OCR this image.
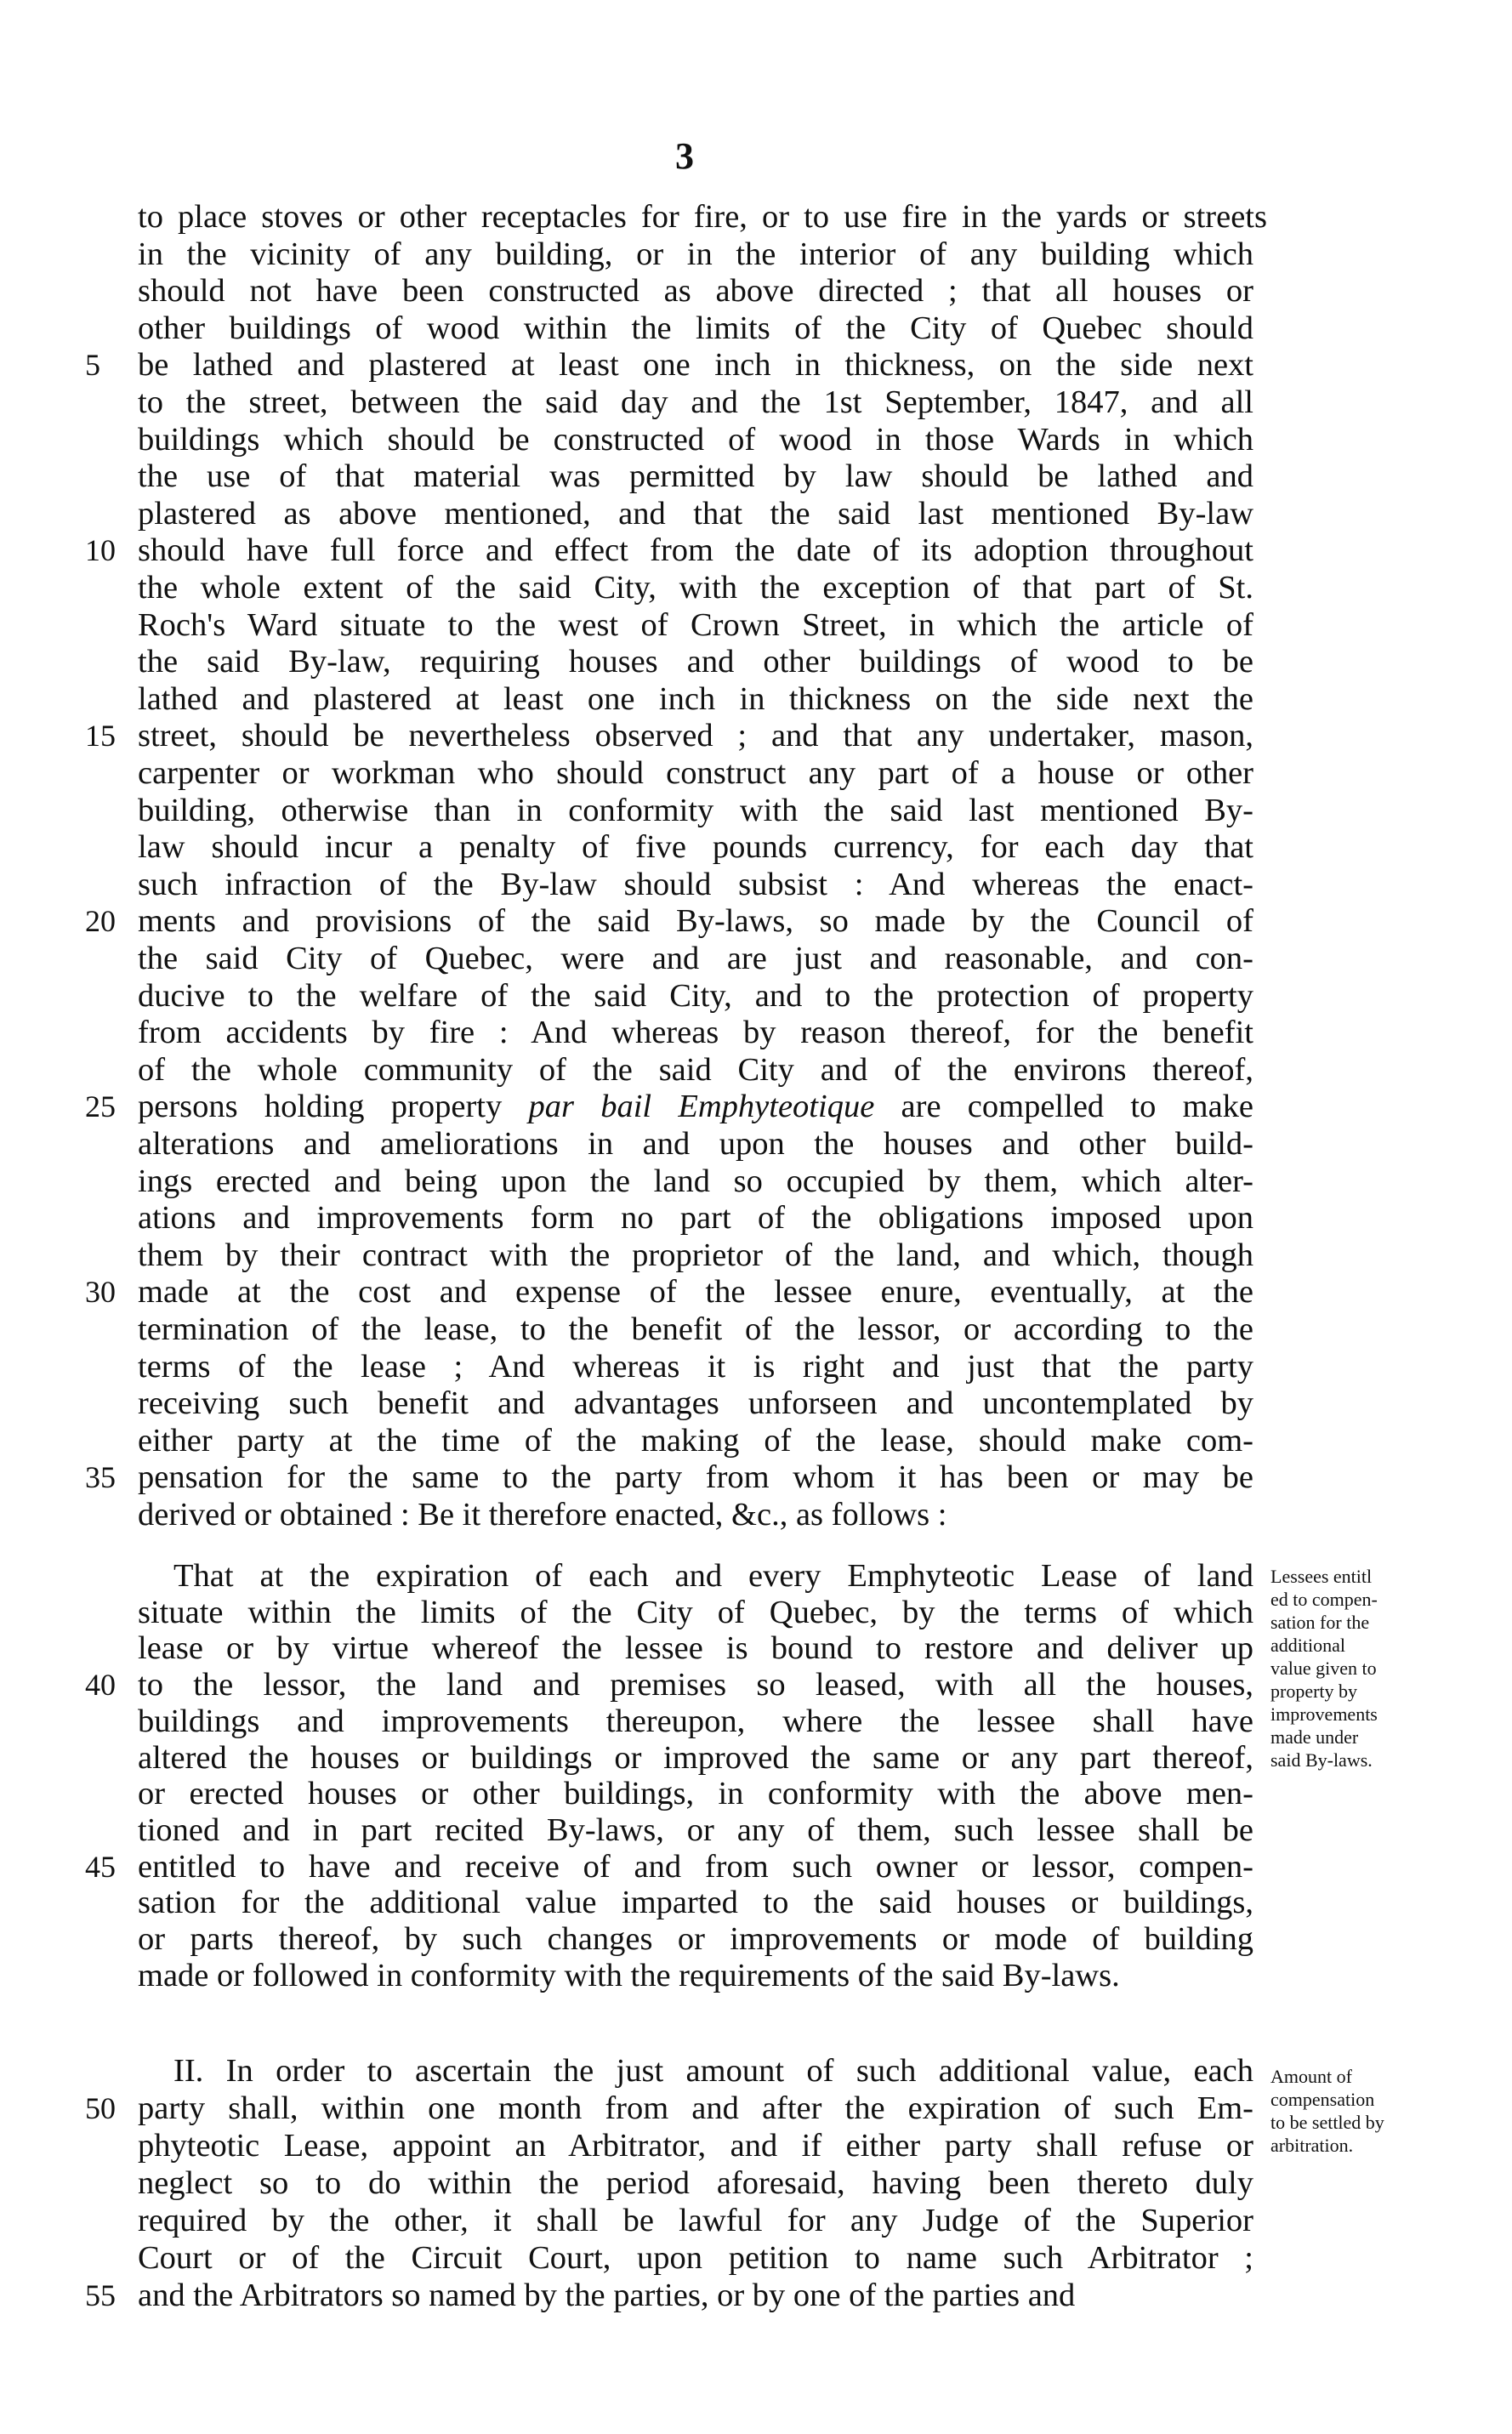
3
to place stoves or other receptacles for fire, or to use fire in the yards or streets
in the vicinity of any building, or in the interior of any building which
should not have been constructed as above directed ; that all houses or
other buildings of wood within the limits of the City of Quebec should
5	be lathed and plastered at least one inch in thickness, on the side next
to the street, between the said day and the 1st September, 1847, and all
buildings which should be constructed of wood in those Wards in which
the use of that material was permitted by law should be lathed and
plastered as above mentioned, and that the said last mentioned By-law
10 should have full force and effect from the date of its adoption throughout
the whole extent of the said City, with the exception of that part of St.
Roch's Ward situate to the west of Crown Street, in which the article of
the said By-law, requiring houses and other buildings of wood to be
lathed and plastered at least one inch in thickness on the side next the
15 street, should be nevertheless observed ; and that any undertaker, mason,
carpenter or workman who should construct any part of a house or other
building, otherwise than in conformity with the said last mentioned By-
law should incur a penalty of five pounds currency, for each day that
such infraction of the By-law should subsist : And whereas the enact-
20 ments and provisions of the said By-laws, so made by the Council of
the said City of Quebec, were and are just and reasonable, and con-
ducive to the welfare of the said City, and to the protection of property
from accidents by fire : And whereas by reason thereof, for the benefit
of the whole community of the said City and of the environs thereof,
25 persons holding property par bail Emphyteotique are compelled to make
alterations and ameliorations in and upon the houses and other build-
ings erected and being upon the land so occupied by them, which alter-
ations and improvements form no part of the obligations imposed upon
them by their contract with the proprietor of the land, and which, though
30 made at the cost and expense of the lessee enure, eventually, at the
termination of the lease, to the benefit of the lessor, or according to the
terms of the lease ; And whereas it is right and just that the party
receiving such benefit and advantages unforseen and uncontemplated by
either party at the time of the making of the lease, should make com-
35 pensation for the same to the party from whom it has been or may be
derived or obtained : Be it therefore enacted, &c., as follows :
That at the expiration of each and every Emphyteotic Lease of land
situate within the limits of the City of Quebec, by the terms of which
lease or by virtue whereof the lessee is bound to restore and deliver up
40 to the lessor, the land and premises so leased, with all the houses,
buildings and improvements thereupon, where the lessee shall have
altered the houses or buildings or improved the same or any part thereof,
or erected houses or other buildings, in conformity with the above men-
tioned and in part recited By-laws, or any of them, such lessee shall be
45 entitled to have and receive of and from such owner or lessor, compen-
sation for the additional value imparted to the said houses or buildings,
or parts thereof, by such changes or improvements or mode of building
made or followed in conformity with the requirements of the said By-laws.
Lessees entitl
ed to compen-
sation for the
additional
value given to
property by
improvements
made under
said By-laws.
II. In order to ascertain the just amount of such additional value, each
50 party shall, within one month from and after the expiration of such Em-
phyteotic Lease, appoint an Arbitrator, and if either party shall refuse or
neglect so to do within the period aforesaid, having been thereto duly
required by the other, it shall be lawful for any Judge of the Superior
Court or of the Circuit Court, upon petition to name such Arbitrator ;
55 and the Arbitrators so named by the parties, or by one of the parties and
Amount of
compensation
to be settled by
arbitration.
